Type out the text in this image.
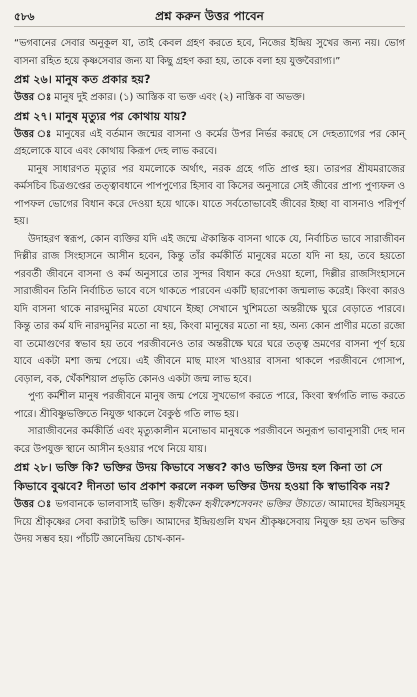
৫৮৬	প্রশ্ন করুন উত্তর পাবেন

“ভগবানের সেবার অনুকূল যা, তাই কেবল গ্রহণ করতে হবে, নিজের ইন্দ্রিয় সুখের জন্য নয়। ভোগ বাসনা রহিত হয়ে কৃষ্ণসেবার জন্য যা কিছু গ্রহণ করা হয়, তাকে বলা হয় যুক্তবৈরাগ্য।”

প্রশ্ন ২৬। মানুষ কত প্রকার হয়?

উত্তর ঃ মানুষ দুই প্রকার। (১) আস্তিক বা ভক্ত এবং (২) নাস্তিক বা অভক্ত।

প্রশ্ন ২৭। মানুষ মৃত্যুর পর কোথায় যায়?

উত্তর ঃ মানুষের এই বর্তমান জন্মের বাসনা ও কর্মের উপর নির্ভর করছে সে দেহত্যাগের পর কোন্ গ্রহলোকে যাবে এবং কোথায় কিরূপ দেহ লাভ করবে।

মানুষ সাধারণত মৃত্যুর পর যমলোকে অর্থাৎ, নরক গ্রহে গতি প্রাপ্ত হয়। তারপর শ্রীযমরাজের কর্মসচিব চিত্রগুপ্তের তত্ত্বাবধানে পাপপুণ্যের হিসাব বা কিসের অনুসারে সেই জীবের প্রাপ্য পুণ্যফল ও পাপফল ভোগের বিধান করে দেওয়া হয়ে থাকে। যাতে সর্বতোভাবেই জীবের ইচ্ছা বা বাসনাও পরিপূর্ণ হয়।

উদাহরণ স্বরূপ, কোন ব্যক্তির যদি এই জন্মে ঐকান্তিক বাসনা থাকে যে, নির্বাচিত ভাবে সারাজীবন দিল্লীর রাজ সিংহাসনে আসীন হবেন, কিন্তু তাঁর কর্মকীর্তি মানুষের মতো যদি না হয়, তবে হয়তো পরবর্তী জীবনে বাসনা ও কর্ম অনুসারে তার সুন্দর বিধান করে দেওয়া হলো, দিল্লীর রাজসিংহাসনে সারাজীবন তিনি নির্বাচিত ভাবে বসে থাকতে পারবেন একটি ছারপোকা জন্মলাভ করেই। কিংবা কারও যদি বাসনা থাকে নারদমুনির মতো যেখানে ইচ্ছা সেখানে খুশিমতো অন্তরীক্ষে ঘুরে বেড়াতে পারবে। কিন্তু তার কর্ম যদি নারদমুনির মতো না হয়, কিংবা মানুষের মতো না হয়, অন্য কোন প্রাণীর মতো রজো বা তমোগুণের স্বভাব হয় তবে পরজীবনেও তার অন্তরীক্ষে ঘরে ঘরে তত্ত্ব ভ্রমণের বাসনা পূর্ণ হয়ে যাবে একটা মশা জন্ম পেয়ে। এই জীবনে মাছ মাংস খাওয়ার বাসনা থাকলে পরজীবনে গোসাপ, বেড়াল, বক, খেঁকশিয়াল প্রভৃতি কোনও একটা জন্ম লাভ হবে।

পুণ্য কর্মশীল মানুষ পরজীবনে মানুষ জন্ম পেয়ে সুখভোগ করতে পারে, কিংবা স্বর্গগতি লাভ করতে পারে। শ্রীবিষ্ণুভক্তিতে নিযুক্ত থাকলে বৈকুণ্ঠ গতি লাভ হয়।

সারাজীবনের কর্মকীর্তি এবং মৃত্যুকালীন মনোভাব মানুষকে পরজীবনে অনুরূপ ভাবানুসারী দেহ দান করে উপযুক্ত স্থানে আসীন হওয়ার পথে নিয়ে যায়।

প্রশ্ন ২৮। ভক্তি কি? ভক্তির উদয় কিভাবে সম্ভব? কাও ভক্তির উদয় হল কিনা তা সে কিভাবে বুঝবে? দীনতা ভাব প্রকাশ করলে নকল ভক্তির উদয় হওয়া কি স্বাভাবিক নয়?

উত্তর ঃ ভগবানকে ভালবাসাই ভক্তি। হৃষীকেন হৃষীকেশসেবনং ভক্তির উচ্যতে। আমাদের ইন্দ্রিয়সমূহ দিয়ে শ্রীকৃষ্ণের সেবা করাটাই ভক্তি। আমাদের ইন্দ্রিয়গুলি যখন শ্রীকৃষ্ণসেবায় নিযুক্ত হয় তখন ভক্তির উদয় সম্ভব হয়। পাঁচটি জ্ঞানেন্দ্রিয় চোখ-কান-
